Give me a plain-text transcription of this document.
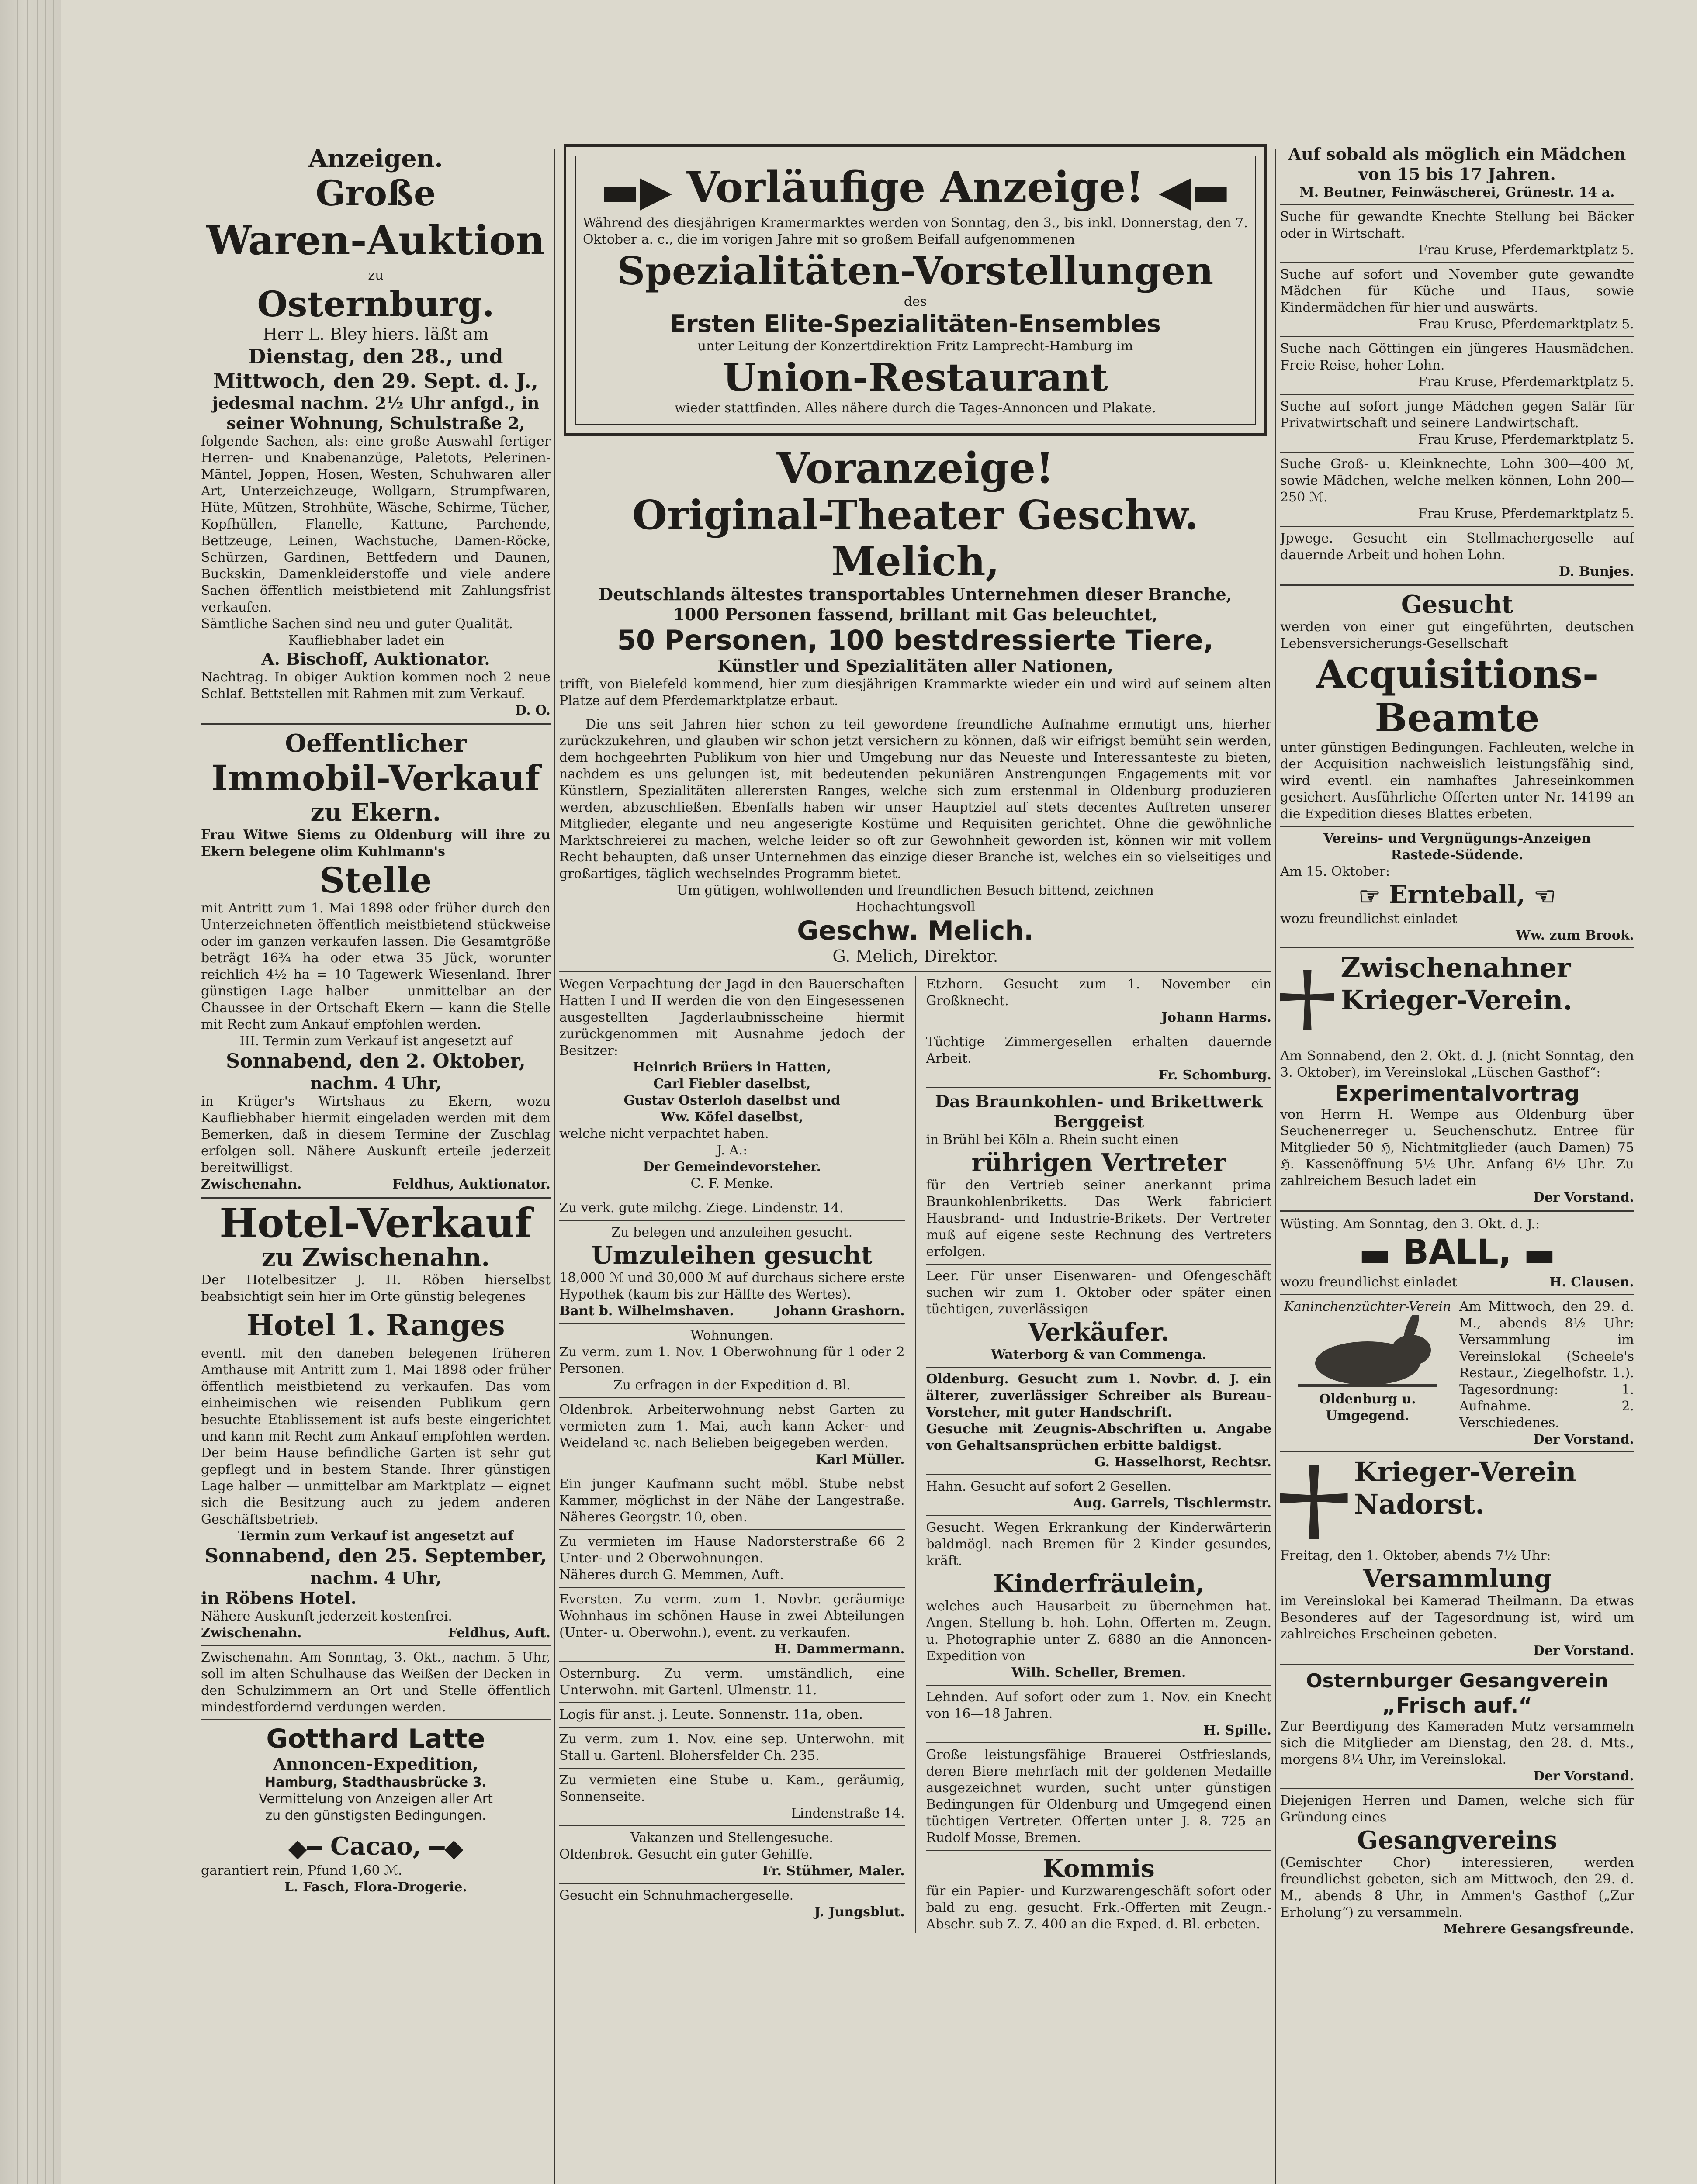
Anzeigen.

Große

Waren-Auktion

zu

Osternburg.

Herr L. Bley hiers. läßt am

Dienstag, den 28., und

Mittwoch, den 29. Sept. d. J.,

jedesmal nachm. 2½ Uhr anfgd., in seiner Wohnung, Schulstraße 2,

folgende Sachen, als: eine große Auswahl fertiger Herren- und Knabenanzüge, Paletots, Pelerinen-Mäntel, Joppen, Hosen, Westen, Schuhwaren aller Art, Unterzeichzeuge, Wollgarn, Strumpfwaren, Hüte, Mützen, Strohhüte, Wäsche, Schirme, Tücher, Kopfhüllen, Flanelle, Kattune, Parchende, Bettzeuge, Leinen, Wachstuche, Damen-Röcke, Schürzen, Gardinen, Bettfedern und Daunen, Buckskin, Damenkleiderstoffe und viele andere Sachen öffentlich meistbietend mit Zahlungsfrist verkaufen.

Sämtliche Sachen sind neu und guter Qualität.

Kaufliebhaber ladet ein

A. Bischoff, Auktionator.

Nachtrag. In obiger Auktion kommen noch 2 neue Schlaf. Bettstellen mit Rahmen mit zum Verkauf.

D. O.

Oeffentlicher

Immobil-Verkauf

zu Ekern.

Frau Witwe Siems zu Oldenburg will ihre zu Ekern belegene olim Kuhlmann's

Stelle

mit Antritt zum 1. Mai 1898 oder früher durch den Unterzeichneten öffentlich meistbietend stückweise oder im ganzen verkaufen lassen. Die Gesamtgröße beträgt 16¾ ha oder etwa 35 Jück, worunter reichlich 4½ ha = 10 Tagewerk Wiesenland. Ihrer günstigen Lage halber — unmittelbar an der Chaussee in der Ortschaft Ekern — kann die Stelle mit Recht zum Ankauf empfohlen werden.

III. Termin zum Verkauf ist angesetzt auf

Sonnabend, den 2. Oktober,

nachm. 4 Uhr,

in Krüger's Wirtshaus zu Ekern, wozu Kaufliebhaber hiermit eingeladen werden mit dem Bemerken, daß in diesem Termine der Zuschlag erfolgen soll. Nähere Auskunft erteile jederzeit bereitwilligst.

Zwischenahn.	Feldhus, Auktionator.

Hotel-Verkauf

zu Zwischenahn.

Der Hotelbesitzer J. H. Röben hierselbst beabsichtigt sein hier im Orte günstig belegenes

Hotel 1. Ranges

eventl. mit den daneben belegenen früheren Amthause mit Antritt zum 1. Mai 1898 oder früher öffentlich meistbietend zu verkaufen. Das vom einheimischen wie reisenden Publikum gern besuchte Etablissement ist aufs beste eingerichtet und kann mit Recht zum Ankauf empfohlen werden. Der beim Hause befindliche Garten ist sehr gut gepflegt und in bestem Stande. Ihrer günstigen Lage halber — unmittelbar am Marktplatz — eignet sich die Besitzung auch zu jedem anderen Geschäftsbetrieb.

Termin zum Verkauf ist angesetzt auf

Sonnabend, den 25. September,

nachm. 4 Uhr,

in Röbens Hotel.

Nähere Auskunft jederzeit kostenfrei.

Zwischenahn.	Feldhus, Auft.

Zwischenahn. Am Sonntag, 3. Okt., nachm. 5 Uhr, soll im alten Schulhause das Weißen der Decken in den Schulzimmern an Ort und Stelle öffentlich mindestfordernd verdungen werden.

Gotthard Latte

Annoncen-Expedition,

Hamburg, Stadthausbrücke 3.

Vermittelung von Anzeigen aller Art

zu den günstigsten Bedingungen.

◆━ Cacao, ━◆

garantiert rein, Pfund 1,60 ℳ.

L. Fasch, Flora-Drogerie.

▬▶ Vorläufige Anzeige! ◀▬

Während des diesjährigen Kramermarktes werden von Sonntag, den 3., bis inkl. Donnerstag, den 7. Oktober a. c., die im vorigen Jahre mit so großem Beifall aufgenommenen

Spezialitäten-Vorstellungen

des

Ersten Elite-Spezialitäten-Ensembles

unter Leitung der Konzertdirektion Fritz Lamprecht-Hamburg im

Union-Restaurant

wieder stattfinden. Alles nähere durch die Tages-Annoncen und Plakate.

Voranzeige!

Original-Theater Geschw. Melich,

Deutschlands ältestes transportables Unternehmen dieser Branche,

1000 Personen fassend, brillant mit Gas beleuchtet,

50 Personen, 100 bestdressierte Tiere,

Künstler und Spezialitäten aller Nationen,

trifft, von Bielefeld kommend, hier zum diesjährigen Krammarkte wieder ein und wird auf seinem alten Platze auf dem Pferdemarktplatze erbaut.

Die uns seit Jahren hier schon zu teil gewordene freundliche Aufnahme ermutigt uns, hierher zurückzukehren, und glauben wir schon jetzt versichern zu können, daß wir eifrigst bemüht sein werden, dem hochgeehrten Publikum von hier und Umgebung nur das Neueste und Interessanteste zu bieten, nachdem es uns gelungen ist, mit bedeutenden pekuniären Anstrengungen Engagements mit vor Künstlern, Spezialitäten allerersten Ranges, welche sich zum erstenmal in Oldenburg produzieren werden, abzuschließen. Ebenfalls haben wir unser Hauptziel auf stets decentes Auftreten unserer Mitglieder, elegante und neu angeserigte Kostüme und Requisiten gerichtet. Ohne die gewöhnliche Marktschreierei zu machen, welche leider so oft zur Gewohnheit geworden ist, können wir mit vollem Recht behaupten, daß unser Unternehmen das einzige dieser Branche ist, welches ein so vielseitiges und großartiges, täglich wechselndes Programm bietet.

Um gütigen, wohlwollenden und freundlichen Besuch bittend, zeichnen

Hochachtungsvoll

Geschw. Melich.

G. Melich, Direktor.

Wegen Verpachtung der Jagd in den Bauerschaften Hatten I und II werden die von den Eingesessenen ausgestellten Jagderlaubnisscheine hiermit zurückgenommen mit Ausnahme jedoch der Besitzer:

Heinrich Brüers in Hatten,

Carl Fiebler daselbst,

Gustav Osterloh daselbst und

Ww. Köfel daselbst,

welche nicht verpachtet haben.

J. A.:

Der Gemeindevorsteher.

C. F. Menke.

Zu verk. gute milchg. Ziege. Lindenstr. 14.

Zu belegen und anzuleihen gesucht.

Umzuleihen gesucht

18,000 ℳ und 30,000 ℳ auf durchaus sichere erste Hypothek (kaum bis zur Hälfte des Wertes).

Bant b. Wilhelmshaven.	Johann Grashorn.

Wohnungen.

Zu verm. zum 1. Nov. 1 Oberwohnung für 1 oder 2 Personen.

Zu erfragen in der Expedition d. Bl.

Oldenbrok. Arbeiterwohnung nebst Garten zu vermieten zum 1. Mai, auch kann Acker- und Weideland ꝛc. nach Belieben beigegeben werden.

Karl Müller.

Ein junger Kaufmann sucht möbl. Stube nebst Kammer, möglichst in der Nähe der Langestraße. Näheres Georgstr. 10, oben.

Zu vermieten im Hause Nadorsterstraße 66 2 Unter- und 2 Oberwohnungen.

Näheres durch G. Memmen, Auft.

Eversten. Zu verm. zum 1. Novbr. geräumige Wohnhaus im schönen Hause in zwei Abteilungen (Unter- u. Oberwohn.), event. zu verkaufen.

H. Dammermann.

Osternburg. Zu verm. umständlich, eine Unterwohn. mit Gartenl. Ulmenstr. 11.

Logis für anst. j. Leute. Sonnenstr. 11a, oben.

Zu verm. zum 1. Nov. eine sep. Unterwohn. mit Stall u. Gartenl. Blohersfelder Ch. 235.

Zu vermieten eine Stube u. Kam., geräumig, Sonnenseite.

Lindenstraße 14.

Vakanzen und Stellengesuche.

Oldenbrok. Gesucht ein guter Gehilfe.

Fr. Stühmer, Maler.

Gesucht ein Schnuhmachergeselle.

J. Jungsblut.

Etzhorn. Gesucht zum 1. November ein Großknecht.

Johann Harms.

Tüchtige Zimmergesellen erhalten dauernde Arbeit.

Fr. Schomburg.

Das Braunkohlen- und Brikettwerk Berggeist

in Brühl bei Köln a. Rhein sucht einen

rührigen Vertreter

für den Vertrieb seiner anerkannt prima Braunkohlenbriketts. Das Werk fabriciert Hausbrand- und Industrie-Brikets. Der Vertreter muß auf eigene seste Rechnung des Vertreters erfolgen.

Leer. Für unser Eisenwaren- und Ofengeschäft suchen wir zum 1. Oktober oder später einen tüchtigen, zuverlässigen

Verkäufer.

Waterborg & van Commenga.

Oldenburg. Gesucht zum 1. Novbr. d. J. ein älterer, zuverlässiger Schreiber als Bureau-Vorsteher, mit guter Handschrift.

Gesuche mit Zeugnis-Abschriften u. Angabe von Gehaltsansprüchen erbitte baldigst.

G. Hasselhorst, Rechtsr.

Hahn. Gesucht auf sofort 2 Gesellen.

Aug. Garrels, Tischlermstr.

Gesucht. Wegen Erkrankung der Kinderwärterin baldmögl. nach Bremen für 2 Kinder gesundes, kräft.

Kinderfräulein,

welches auch Hausarbeit zu übernehmen hat. Angen. Stellung b. hoh. Lohn. Offerten m. Zeugn. u. Photographie unter Z. 6880 an die Annoncen-Expedition von

Wilh. Scheller, Bremen.

Lehnden. Auf sofort oder zum 1. Nov. ein Knecht von 16—18 Jahren.

H. Spille.

Große leistungsfähige Brauerei Ostfrieslands, deren Biere mehrfach mit der goldenen Medaille ausgezeichnet wurden, sucht unter günstigen Bedingungen für Oldenburg und Umgegend einen tüchtigen Vertreter. Offerten unter J. 8. 725 an Rudolf Mosse, Bremen.

Kommis

für ein Papier- und Kurzwarengeschäft sofort oder bald zu eng. gesucht. Frk.-Offerten mit Zeugn.-Abschr. sub Z. Z. 400 an die Exped. d. Bl. erbeten.

Auf sobald als möglich ein Mädchen von 15 bis 17 Jahren.

M. Beutner, Feinwäscherei, Grünestr. 14 a.

Suche für gewandte Knechte Stellung bei Bäcker oder in Wirtschaft.

Frau Kruse, Pferdemarktplatz 5.

Suche auf sofort und November gute gewandte Mädchen für Küche und Haus, sowie Kindermädchen für hier und auswärts.

Frau Kruse, Pferdemarktplatz 5.

Suche nach Göttingen ein jüngeres Hausmädchen. Freie Reise, hoher Lohn.

Frau Kruse, Pferdemarktplatz 5.

Suche auf sofort junge Mädchen gegen Salär für Privatwirtschaft und seinere Landwirtschaft.

Frau Kruse, Pferdemarktplatz 5.

Suche Groß- u. Kleinknechte, Lohn 300—400 ℳ, sowie Mädchen, welche melken können, Lohn 200—250 ℳ.

Frau Kruse, Pferdemarktplatz 5.

Jpwege. Gesucht ein Stellmachergeselle auf dauernde Arbeit und hohen Lohn.

D. Bunjes.

Gesucht

werden von einer gut eingeführten, deutschen Lebensversicherungs-Gesellschaft

Acquisitions-

Beamte

unter günstigen Bedingungen. Fachleuten, welche in der Acquisition nachweislich leistungsfähig sind, wird eventl. ein namhaftes Jahreseinkommen gesichert. Ausführliche Offerten unter Nr. 14199 an die Expedition dieses Blattes erbeten.

Vereins- und Vergnügungs-Anzeigen

Rastede-Südende.

Am 15. Oktober:

☞ Ernteball, ☜

wozu freundlichst einladet

Ww. zum Brook.

Zwischenahner Krieger-Verein.

Am Sonnabend, den 2. Okt. d. J. (nicht Sonntag, den 3. Oktober), im Vereinslokal „Lüschen Gasthof“:

Experimentalvortrag

von Herrn H. Wempe aus Oldenburg über Seuchenerreger u. Seuchenschutz. Entree für Mitglieder 50 ℌ, Nichtmitglieder (auch Damen) 75 ℌ. Kassenöffnung 5½ Uhr. Anfang 6½ Uhr. Zu zahlreichem Besuch ladet ein

Der Vorstand.

Wüsting. Am Sonntag, den 3. Okt. d. J.:

▬ BALL, ▬

wozu freundlichst einladet	H. Clausen.

Kaninchenzüchter-Verein

Oldenburg u. Umgegend.

Am Mittwoch, den 29. d. M., abends 8½ Uhr: Versammlung im Vereinslokal (Scheele's Restaur., Ziegelhofstr. 1.). Tagesordnung: 1. Aufnahme. 2. Verschiedenes.

Der Vorstand.

Krieger-Verein Nadorst.

Freitag, den 1. Oktober, abends 7½ Uhr:

Versammlung

im Vereinslokal bei Kamerad Theilmann. Da etwas Besonderes auf der Tagesordnung ist, wird um zahlreiches Erscheinen gebeten.

Der Vorstand.

Osternburger Gesangverein

„Frisch auf.“

Zur Beerdigung des Kameraden Mutz versammeln sich die Mitglieder am Dienstag, den 28. d. Mts., morgens 8¼ Uhr, im Vereinslokal.

Der Vorstand.

Diejenigen Herren und Damen, welche sich für Gründung eines

Gesangvereins

(Gemischter Chor) interessieren, werden freundlichst gebeten, sich am Mittwoch, den 29. d. M., abends 8 Uhr, in Ammen's Gasthof („Zur Erholung“) zu versammeln.

Mehrere Gesangsfreunde.
